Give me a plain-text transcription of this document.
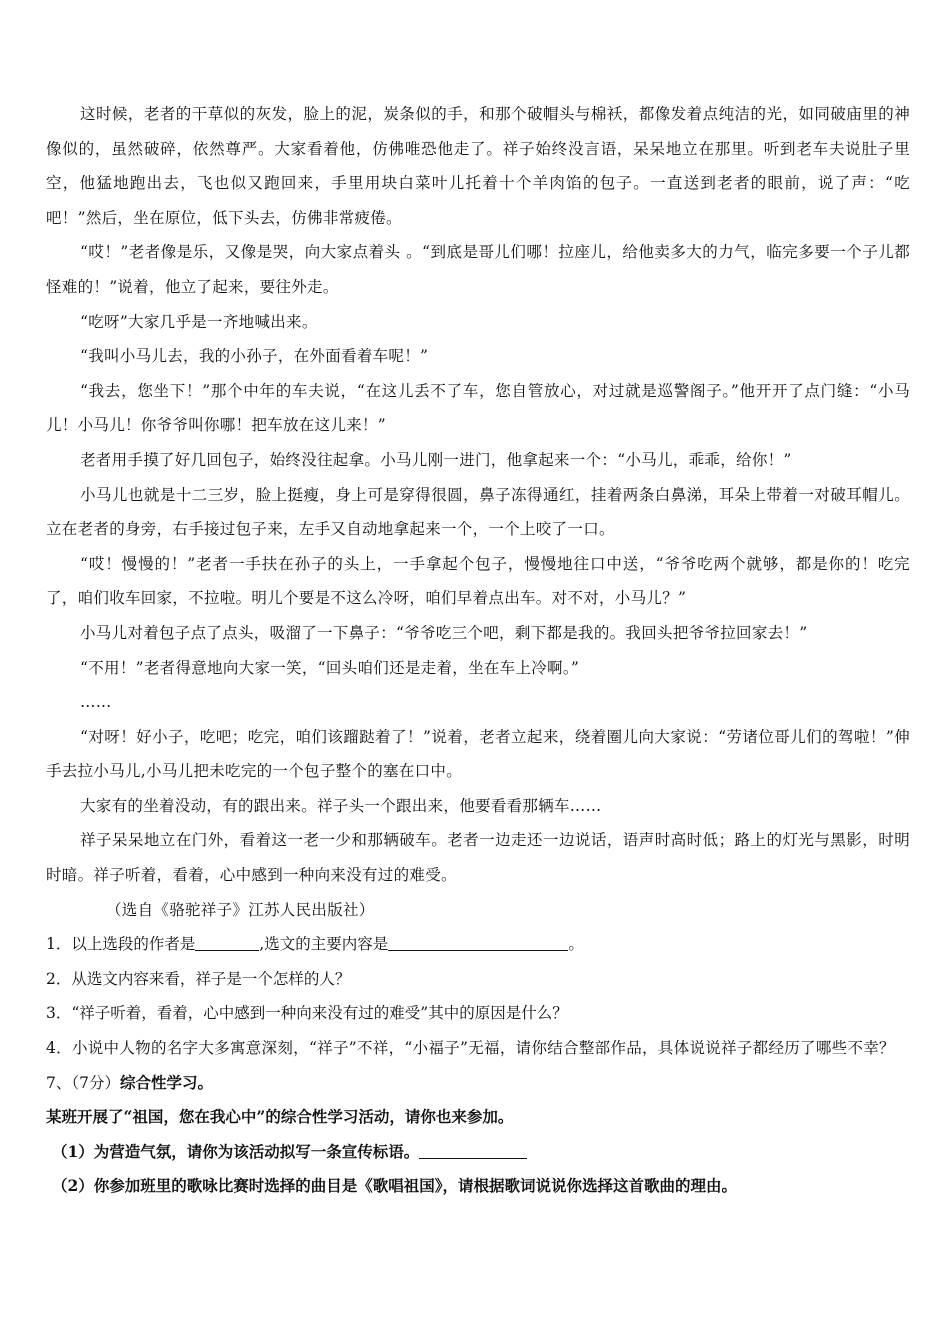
这时候，老者的干草似的灰发，脸上的泥，炭条似的手，和那个破帽头与棉袄，都像发着点纯洁的光，如同破庙里的神像似的，虽然破碎，依然尊严。大家看着他，仿佛唯恐他走了。祥子始终没言语，呆呆地立在那里。听到老车夫说肚子里空，他猛地跑出去，飞也似又跑回来，手里用块白菜叶儿托着十个羊肉馅的包子。一直送到老者的眼前，说了声：“吃吧！”然后，坐在原位，低下头去，仿佛非常疲倦。

“哎！”老者像是乐，又像是哭，向大家点着头 。“到底是哥儿们哪！拉座儿，给他卖多大的力气，临完多要一个子儿都怪难的！”说着，他立了起来，要往外走。

“吃呀”大家几乎是一齐地喊出来。

“我叫小马儿去，我的小孙子，在外面看着车呢！”

“我去，您坐下！”那个中年的车夫说，“在这儿丢不了车，您自管放心，对过就是巡警阁子。”他开开了点门缝：“小马儿！小马儿！你爷爷叫你哪！把车放在这儿来！”

老者用手摸了好几回包子，始终没往起拿。小马儿刚一进门，他拿起来一个：“小马儿，乖乖，给你！”

小马儿也就是十二三岁，脸上挺瘦，身上可是穿得很圆，鼻子冻得通红，挂着两条白鼻涕，耳朵上带着一对破耳帽儿。立在老者的身旁，右手接过包子来，左手又自动地拿起来一个，一个上咬了一口。

“哎！慢慢的！”老者一手扶在孙子的头上，一手拿起个包子，慢慢地往口中送，“爷爷吃两个就够，都是你的！吃完了，咱们收车回家，不拉啦。明儿个要是不这么冷呀，咱们早着点出车。对不对，小马儿？”

小马儿对着包子点了点头，吸溜了一下鼻子：“爷爷吃三个吧，剩下都是我的。我回头把爷爷拉回家去！”

“不用！”老者得意地向大家一笑，“回头咱们还是走着，坐在车上冷啊。”

……

“对呀！好小子，吃吧；吃完，咱们该蹓跶着了！”说着，老者立起来，绕着圈儿向大家说：“劳诸位哥儿们的驾啦！”伸手去拉小马儿,小马儿把未吃完的一个包子整个的塞在口中。

大家有的坐着没动，有的跟出来。祥子头一个跟出来，他要看看那辆车……

祥子呆呆地立在门外，看着这一老一少和那辆破车。老者一边走还一边说话，语声时高时低；路上的灯光与黑影，时明时暗。祥子听着，看着，心中感到一种向来没有过的难受。

（选自《骆驼祥子》江苏人民出版社）

1．以上选段的作者是	,选文的主要内容是	。

2．从选文内容来看，祥子是一个怎样的人？

3．“祥子听着，看着，心中感到一种向来没有过的难受”其中的原因是什么？

4．小说中人物的名字大多寓意深刻，“祥子”不祥，“小福子”无福，请你结合整部作品，具体说说祥子都经历了哪些不幸？

7、（7分）综合性学习。

某班开展了“祖国，您在我心中”的综合性学习活动，请你也来参加。

（1）为营造气氛，请你为该活动拟写一条宣传标语。

（2）你参加班里的歌咏比赛时选择的曲目是《歌唱祖国》，请根据歌词说说你选择这首歌曲的理由。
